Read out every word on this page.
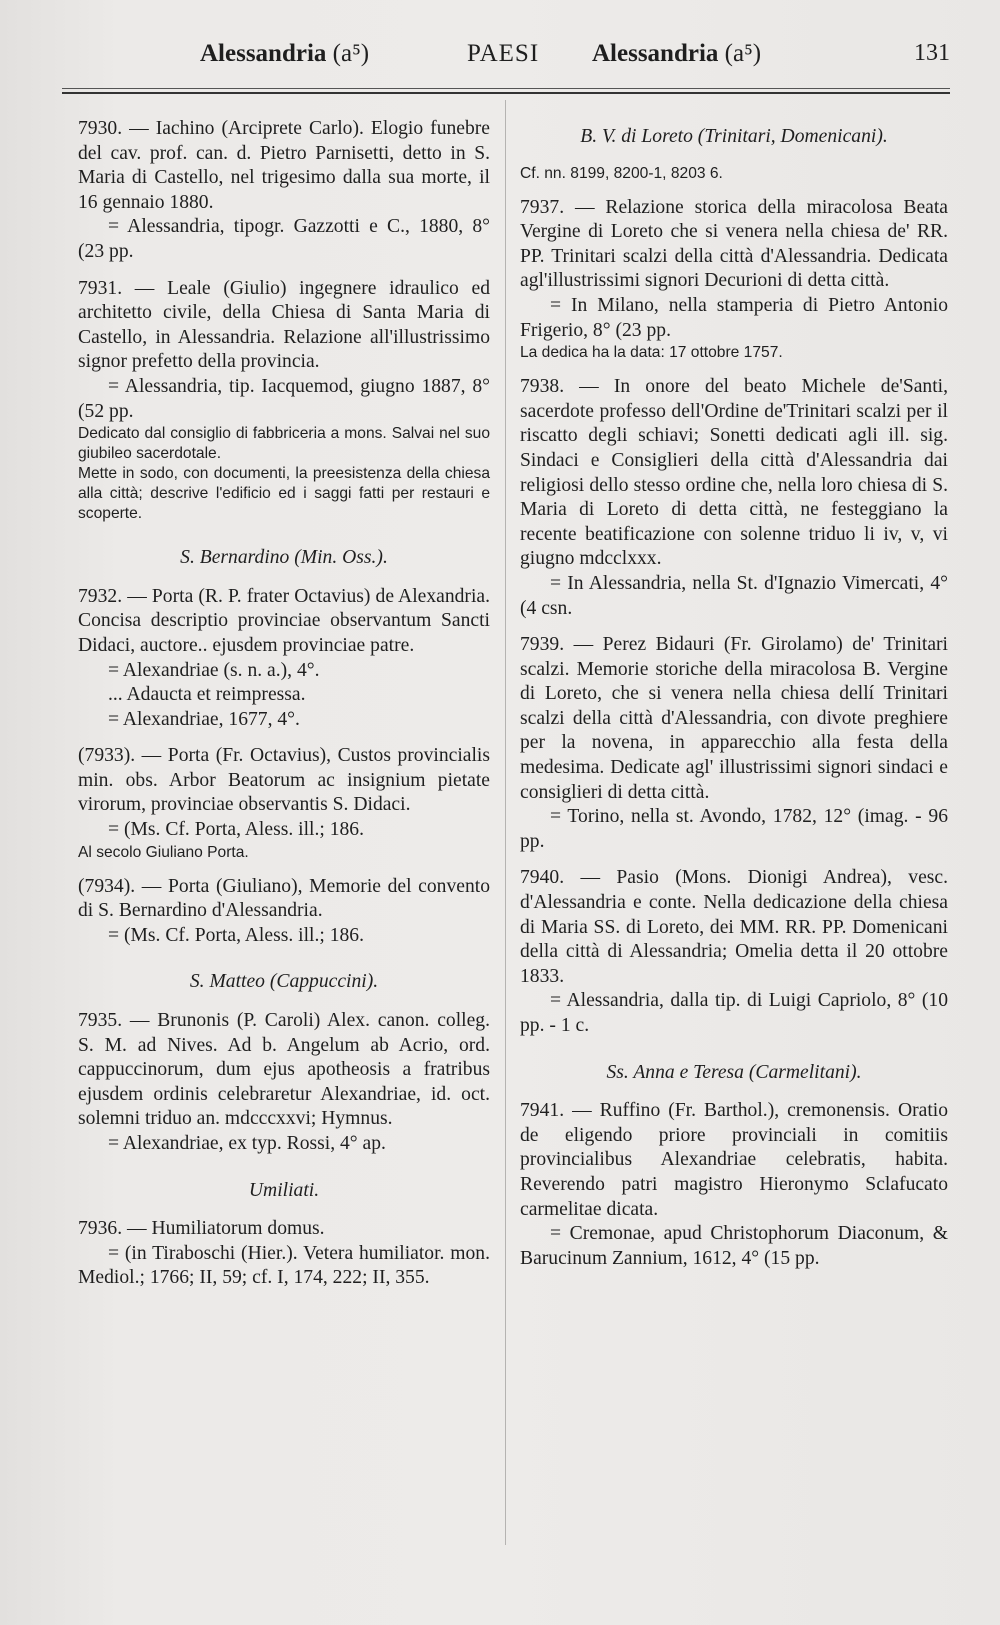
Alessandria (a⁵)	PAESI Alessandria (a⁵)	131

7930. — Iachino (Arciprete Carlo). Elogio funebre del cav. prof. can. d. Pietro Parnisetti, detto in S. Maria di Castello, nel trigesimo dalla sua morte, il 16 gennaio 1880.

= Alessandria, tipogr. Gazzotti e C., 1880, 8° (23 pp.

7931. — Leale (Giulio) ingegnere idraulico ed architetto civile, della Chiesa di Santa Maria di Castello, in Alessandria. Relazione all'illustrissimo signor prefetto della provincia.

= Alessandria, tip. Iacquemod, giugno 1887, 8° (52 pp.

Dedicato dal consiglio di fabbriceria a mons. Salvai nel suo giubileo sacerdotale.

Mette in sodo, con documenti, la preesistenza della chiesa alla città; descrive l'edificio ed i saggi fatti per restauri e scoperte.

S. Bernardino (Min. Oss.).

7932. — Porta (R. P. frater Octavius) de Alexandria. Concisa descriptio provinciae observantum Sancti Didaci, auctore.. ejusdem provinciae patre.

= Alexandriae (s. n. a.), 4°.

... Adaucta et reimpressa.

= Alexandriae, 1677, 4°.

(7933). — Porta (Fr. Octavius), Custos provincialis min. obs. Arbor Beatorum ac insignium pietate virorum, provinciae observantis S. Didaci.

= (Ms. Cf. Porta, Aless. ill.; 186.

Al secolo Giuliano Porta.

(7934). — Porta (Giuliano), Memorie del convento di S. Bernardino d'Alessandria.

= (Ms. Cf. Porta, Aless. ill.; 186.

S. Matteo (Cappuccini).

7935. — Brunonis (P. Caroli) Alex. canon. colleg. S. M. ad Nives. Ad b. Angelum ab Acrio, ord. cappuccinorum, dum ejus apotheosis a fratribus ejusdem ordinis celebraretur Alexandriae, id. oct. solemni triduo an. mdcccxxvi; Hymnus.

= Alexandriae, ex typ. Rossi, 4° ap.

Umiliati.

7936. — Humiliatorum domus.

= (in Tiraboschi (Hier.). Vetera humiliator. mon. Mediol.; 1766; II, 59; cf. I, 174, 222; II, 355.

B. V. di Loreto (Trinitari, Domenicani).

Cf. nn. 8199, 8200-1, 8203 6.

7937. — Relazione storica della miracolosa Beata Vergine di Loreto che si venera nella chiesa de' RR. PP. Trinitari scalzi della città d'Alessandria. Dedicata agl'illustrissimi signori Decurioni di detta città.

= In Milano, nella stamperia di Pietro Antonio Frigerio, 8° (23 pp.

La dedica ha la data: 17 ottobre 1757.

7938. — In onore del beato Michele de'Santi, sacerdote professo dell'Ordine de'Trinitari scalzi per il riscatto degli schiavi; Sonetti dedicati agli ill. sig. Sindaci e Consiglieri della città d'Alessandria dai religiosi dello stesso ordine che, nella loro chiesa di S. Maria di Loreto di detta città, ne festeggiano la recente beatificazione con solenne triduo li iv, v, vi giugno mdcclxxx.

= In Alessandria, nella St. d'Ignazio Vimercati, 4° (4 csn.

7939. — Perez Bidauri (Fr. Girolamo) de' Trinitari scalzi. Memorie storiche della miracolosa B. Vergine di Loreto, che si venera nella chiesa dellí Trinitari scalzi della città d'Alessandria, con divote preghiere per la novena, in apparecchio alla festa della medesima. Dedicate agl' illustrissimi signori sindaci e consiglieri di detta città.

= Torino, nella st. Avondo, 1782, 12° (imag. - 96 pp.

7940. — Pasio (Mons. Dionigi Andrea), vesc. d'Alessandria e conte. Nella dedicazione della chiesa di Maria SS. di Loreto, dei MM. RR. PP. Domenicani della città di Alessandria; Omelia detta il 20 ottobre 1833.

= Alessandria, dalla tip. di Luigi Capriolo, 8° (10 pp. - 1 c.

Ss. Anna e Teresa (Carmelitani).

7941. — Ruffino (Fr. Barthol.), cremonensis. Oratio de eligendo priore provinciali in comitiis provincialibus Alexandriae celebratis, habita. Reverendo patri magistro Hieronymo Sclafucato carmelitae dicata.

= Cremonae, apud Christophorum Diaconum, & Barucinum Zannium, 1612, 4° (15 pp.
